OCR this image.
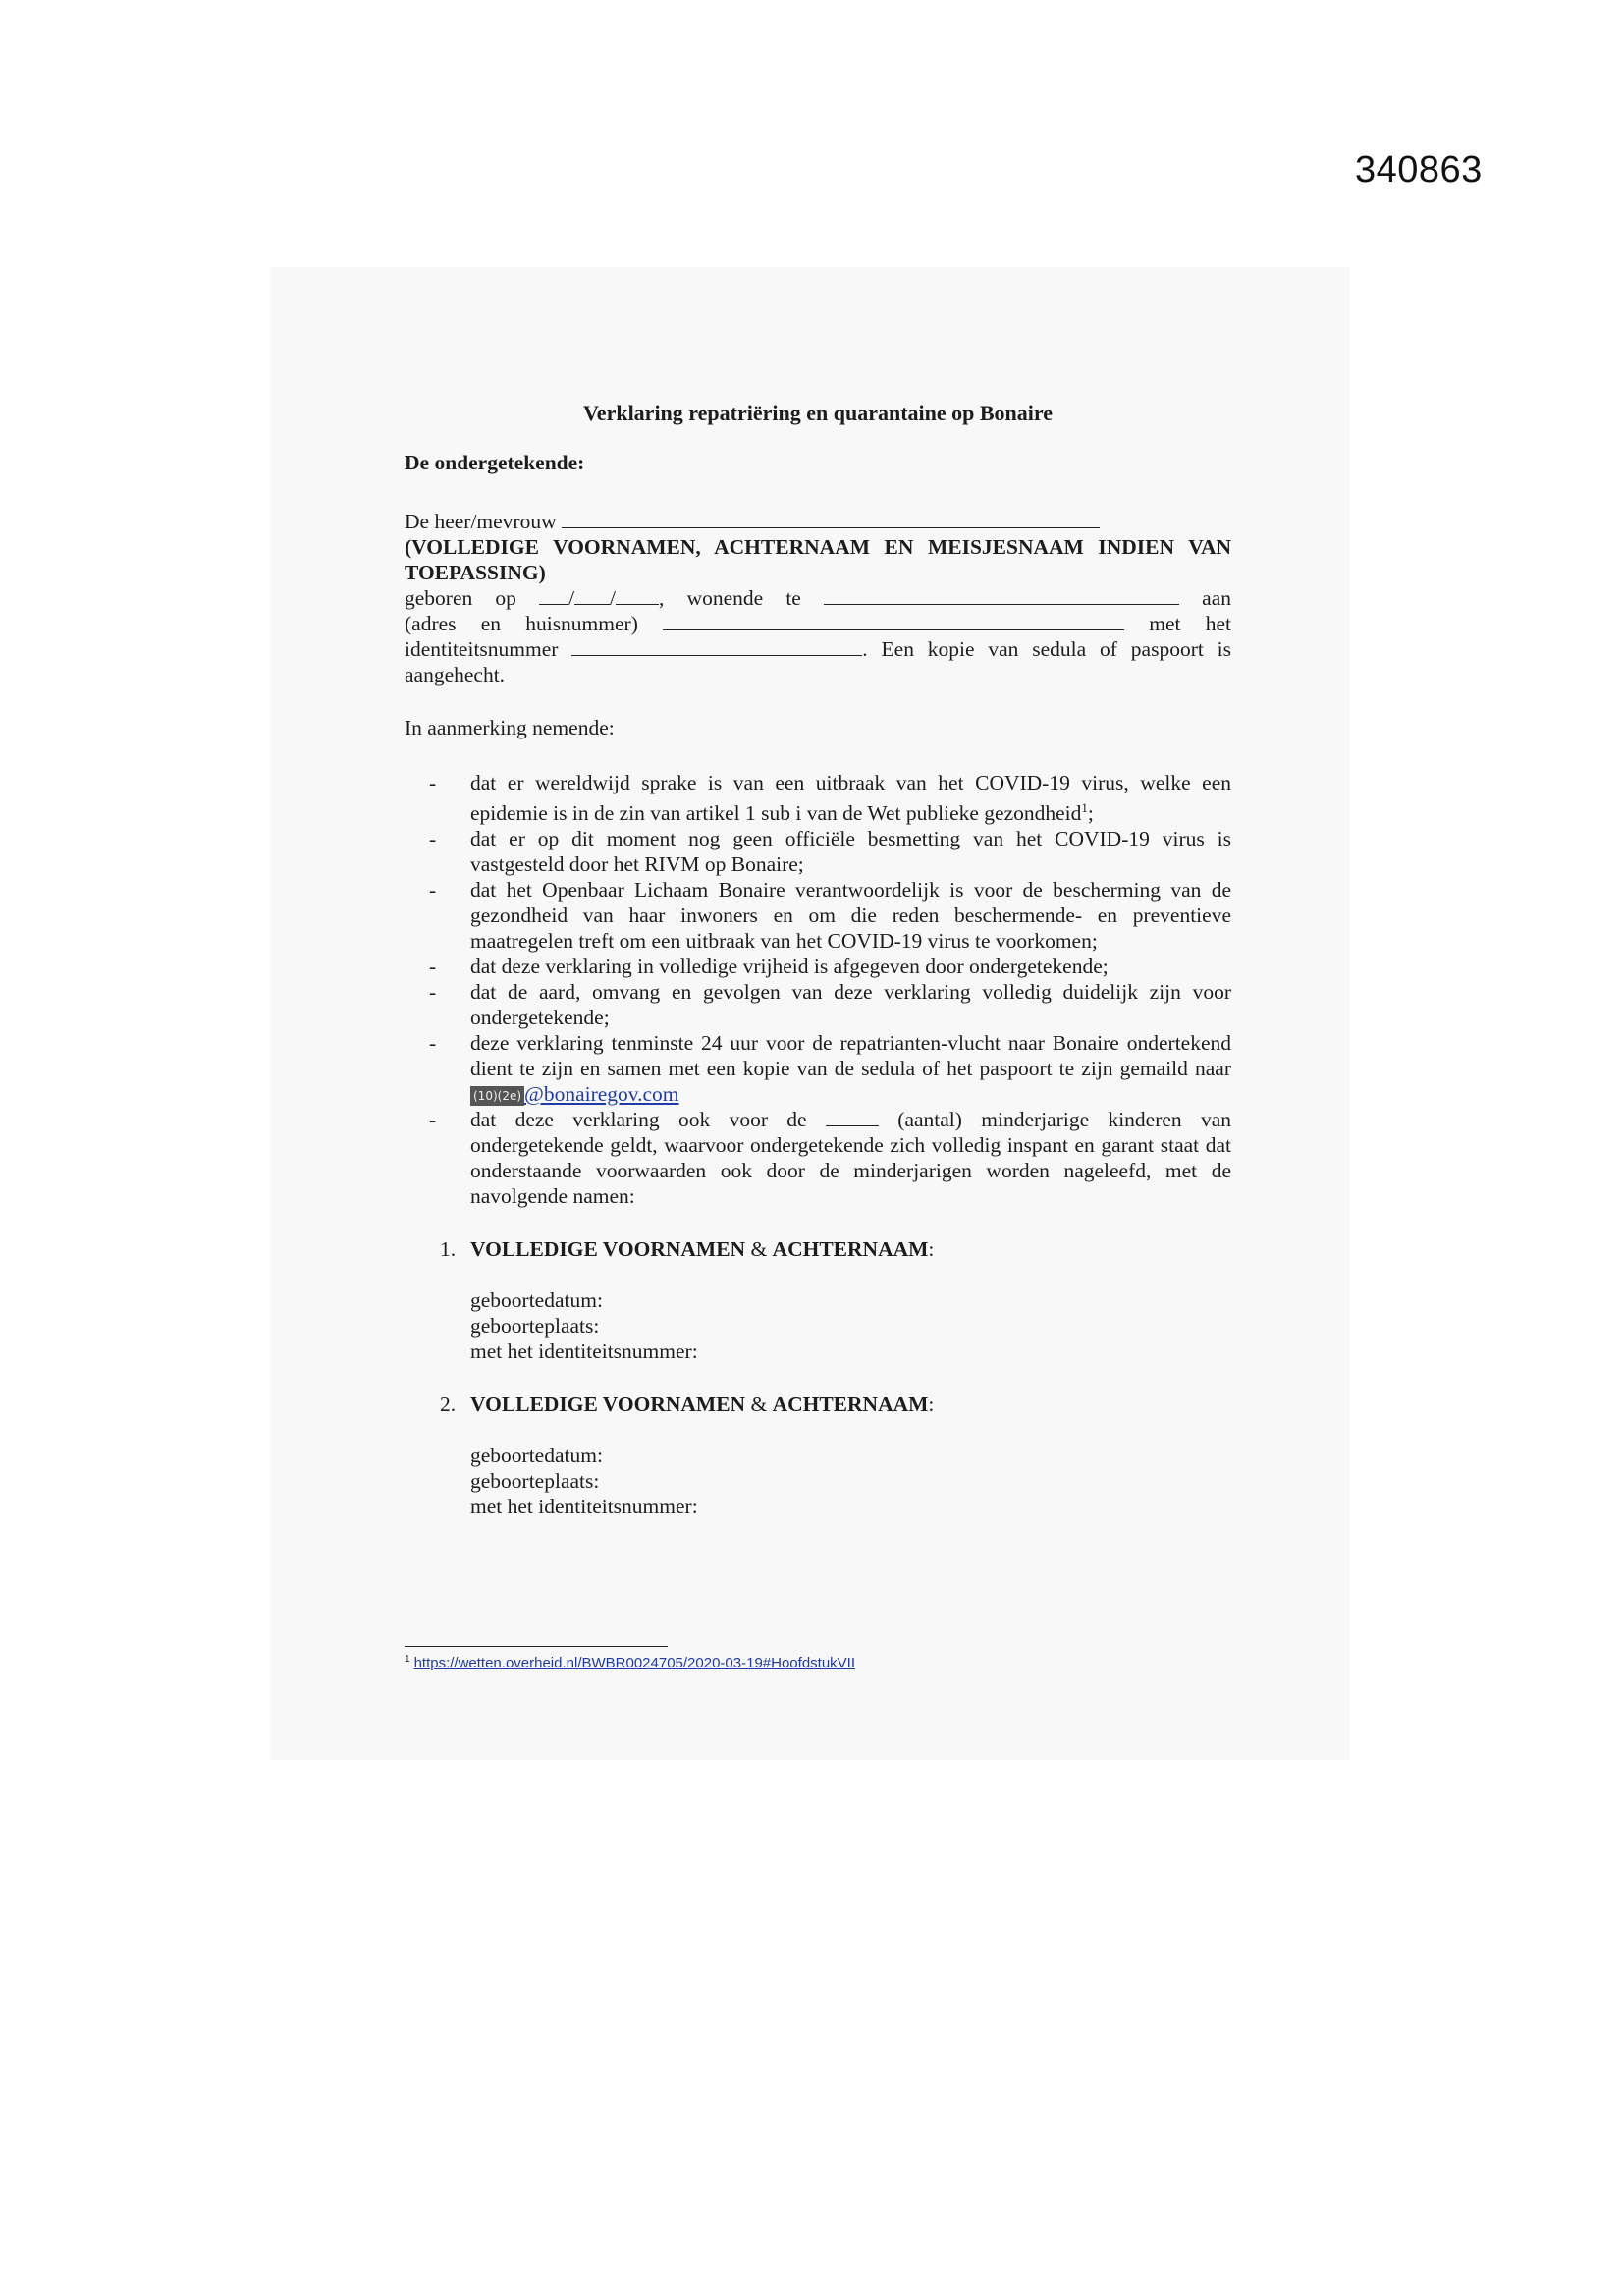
340863
Verklaring repatriëring en quarantaine op Bonaire

De ondergetekende:

De heer/mevrouw

(VOLLEDIGE VOORNAMEN, ACHTERNAAM EN MEISJESNAAM INDIEN VAN TOEPASSING)

geboren op / / , wonende te	aan

(adres en huisnummer)	met het

identiteitsnummer	. Een kopie van sedula of paspoort is aangehecht.

In aanmerking nemende:

- dat er wereldwijd sprake is van een uitbraak van het COVID-19 virus, welke een epidemie is in de zin van artikel 1 sub i van de Wet publieke gezondheid$^1$;
- dat er op dit moment nog geen officiële besmetting van het COVID-19 virus is vastgesteld door het RIVM op Bonaire;
- dat het Openbaar Lichaam Bonaire verantwoordelijk is voor de bescherming van de gezondheid van haar inwoners en om die reden beschermende- en preventieve maatregelen treft om een uitbraak van het COVID-19 virus te voorkomen;
- dat deze verklaring in volledige vrijheid is afgegeven door ondergetekende;
- dat de aard, omvang en gevolgen van deze verklaring volledig duidelijk zijn voor ondergetekende;
- deze verklaring tenminste 24 uur voor de repatrianten-vlucht naar Bonaire ondertekend dient te zijn en samen met een kopie van de sedula of het paspoort te zijn gemaild naar (10)(2e) @bonairegov.com
- dat deze verklaring ook voor de	(aantal) minderjarige kinderen van ondergetekende geldt, waarvoor ondergetekende zich volledig inspant en garant staat dat onderstaande voorwaarden ook door de minderjarigen worden nageleefd, met de navolgende namen:
1. VOLLEDIGE VOORNAMEN & ACHTERNAAM:
geboortedatum:
geboorteplaats:
met het identiteitsnummer:
2. VOLLEDIGE VOORNAMEN & ACHTERNAAM:
geboortedatum:
geboorteplaats:
met het identiteitsnummer:
$^1$ https://wetten.overheid.nl/BWBR0024705/2020-03-19#HoofdstukVII
